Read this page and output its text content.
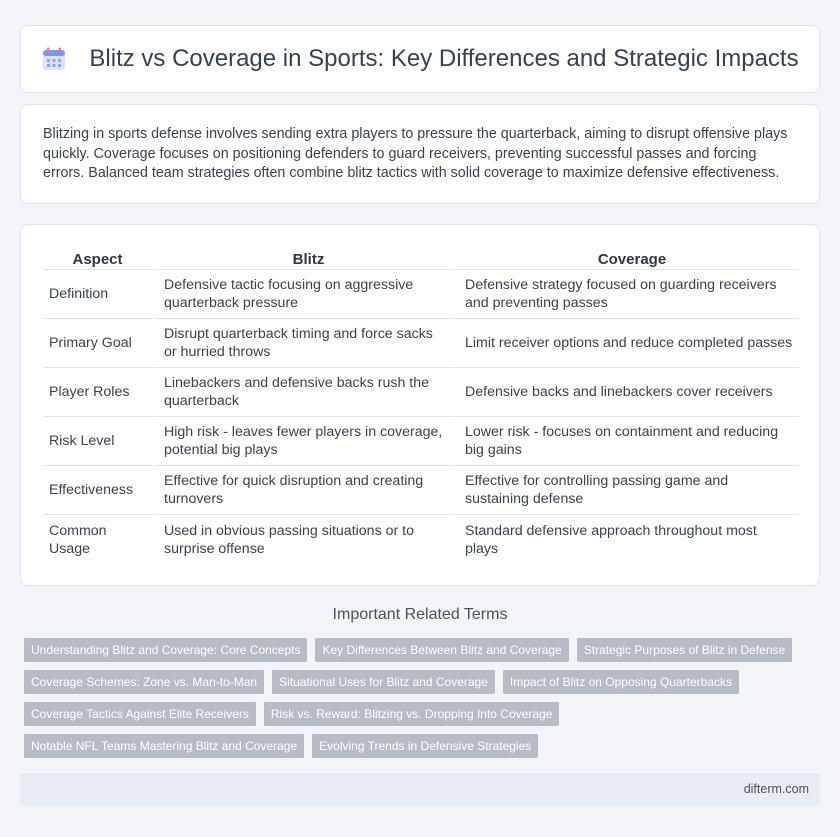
Blitz vs Coverage in Sports: Key Differences and Strategic Impacts

Blitzing in sports defense involves sending extra players to pressure the quarterback, aiming to disrupt offensive plays quickly. Coverage focuses on positioning defenders to guard receivers, preventing successful passes and forcing errors. Balanced team strategies often combine blitz tactics with solid coverage to maximize defensive effectiveness.

Aspect	Blitz	Coverage
Definition	Defensive tactic focusing on aggressive quarterback pressure	Defensive strategy focused on guarding receivers and preventing passes
Primary Goal	Disrupt quarterback timing and force sacks or hurried throws	Limit receiver options and reduce completed passes
Player Roles	Linebackers and defensive backs rush the quarterback	Defensive backs and linebackers cover receivers
Risk Level	High risk - leaves fewer players in coverage, potential big plays	Lower risk - focuses on containment and reducing big gains
Effectiveness	Effective for quick disruption and creating turnovers	Effective for controlling passing game and sustaining defense
Common Usage	Used in obvious passing situations or to surprise offense	Standard defensive approach throughout most plays
Important Related Terms
Understanding Blitz and Coverage: Core Concepts	Key Differences Between Blitz and Coverage	Strategic Purposes of Blitz in Defense
Coverage Schemes: Zone vs. Man-to-Man	Situational Uses for Blitz and Coverage	Impact of Blitz on Opposing Quarterbacks
Coverage Tactics Against Elite Receivers	Risk vs. Reward: Blitzing vs. Dropping Into Coverage
Notable NFL Teams Mastering Blitz and Coverage	Evolving Trends in Defensive Strategies
difterm.com
